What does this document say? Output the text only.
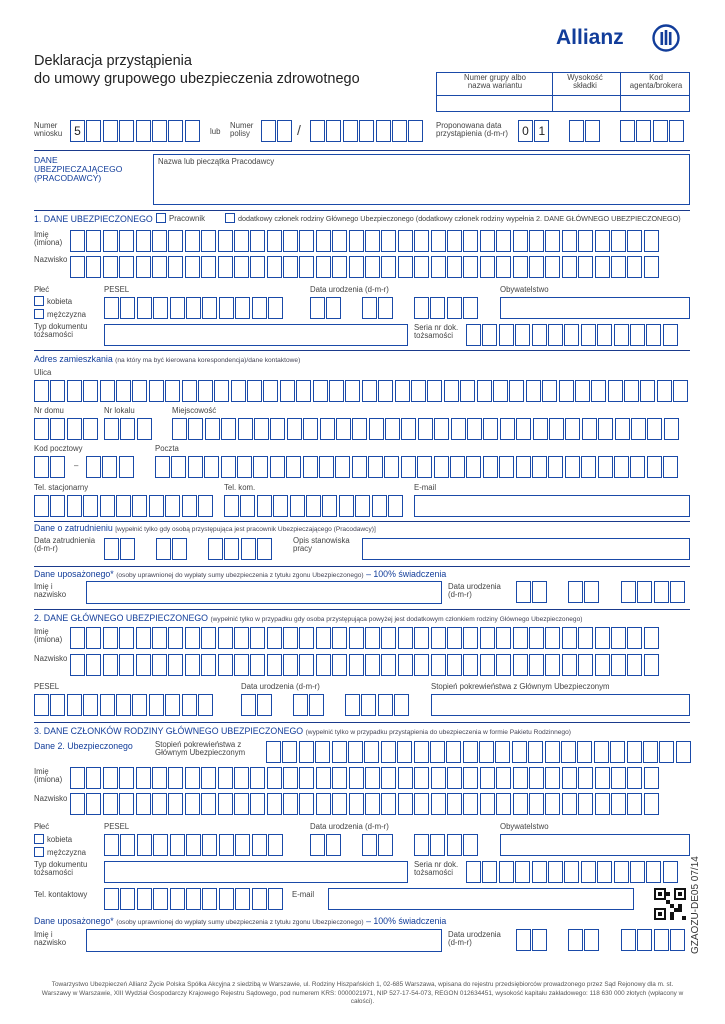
Deklaracja przystąpienia
do umowy grupowego ubezpieczenia zdrowotnego
Allianz
Numer grupy albo nazwa wariantu
Wysokość składki
Kod agenta/brokera
Numer wniosku 5	lub
Numer polisy	/	Proponowana data przystąpienia (d-m-r)	0 1
DANE UBEZPIECZAJĄCEGO (PRACODAWCY)
Nazwa lub pieczątka Pracodawcy
1. DANE UBEZPIECZONEGO Pracownik	dodatkowy członek rodziny Głównego Ubezpieczonego (dodatkowy członek rodziny wypełnia 2. DANE GŁÓWNEGO UBEZPIECZONEGO)
Imię (imiona)
Nazwisko
Płeć
kobieta
mężczyzna
PESEL	Data urodzenia (d-m-r)	Obywatelstwo
Typ dokumentu tożsamości
Seria nr dok. tożsamości
Adres zamieszkania (na który ma być kierowana korespondencja)/dane kontaktowe)
Ulica
Nr domu	Nr lokalu	Miejscowość
Kod pocztowy
–
Poczta
Tel. stacjonarny	Tel. kom.	E-mail
Dane o zatrudnieniu [wypełnić tylko gdy osobą przystępująca jest pracownik Ubezpieczającego (Pracodawcy)]
Data zatrudnienia (d-m-r)
Opis stanowiska pracy
Dane uposażonego* (osoby uprawnionej do wypłaty sumy ubezpieczenia z tytułu zgonu Ubezpieczonego) – 100% świadczenia
Imię i nazwisko
Data urodzenia (d-m-r)
2. DANE GŁÓWNEGO UBEZPIECZONEGO (wypełnić tylko w przypadku gdy osoba przystępująca powyżej jest dodatkowym członkiem rodziny Głównego Ubezpieczonego)
Imię (imiona)
Nazwisko
PESEL	Data urodzenia (d-m-r)	Stopień pokrewieństwa z Głównym Ubezpieczonym
3. DANE CZŁONKÓW RODZINY GŁÓWNEGO UBEZPIECZONEGO (wypełnić tylko w przypadku przystąpienia do ubezpieczenia w formie Pakietu Rodzinnego)
Dane 2. Ubezpieczonego	Stopień pokrewieństwa z Głównym Ubezpieczonym
Imię (imiona)
Nazwisko
Płeć
kobieta
mężczyzna
PESEL	Data urodzenia (d-m-r)	Obywatelstwo
Typ dokumentu tożsamości
Seria nr dok. tożsamości
Tel. kontaktowy	E-mail
Dane uposażonego* (osoby uprawnionej do wypłaty sumy ubezpieczenia z tytułu zgonu Ubezpieczonego) – 100% świadczenia
Imię i nazwisko
Data urodzenia (d-m-r)	GZAOZU-DE05 07/14
Towarzystwo Ubezpieczeń Allianz Życie Polska Spółka Akcyjna z siedzibą w Warszawie, ul. Rodziny Hiszpańskich 1, 02-685 Warszawa, wpisana do rejestru przedsiębiorców prowadzonego przez Sąd Rejonowy dla m. st. Warszawy w Warszawie, XIII Wydział Gospodarczy Krajowego Rejestru Sądowego, pod numerem KRS: 0000021971, NIP 527-17-54-073, REGON 012634451, wysokość kapitału zakładowego: 118 630 000 złotych (wpłacony w całości).
